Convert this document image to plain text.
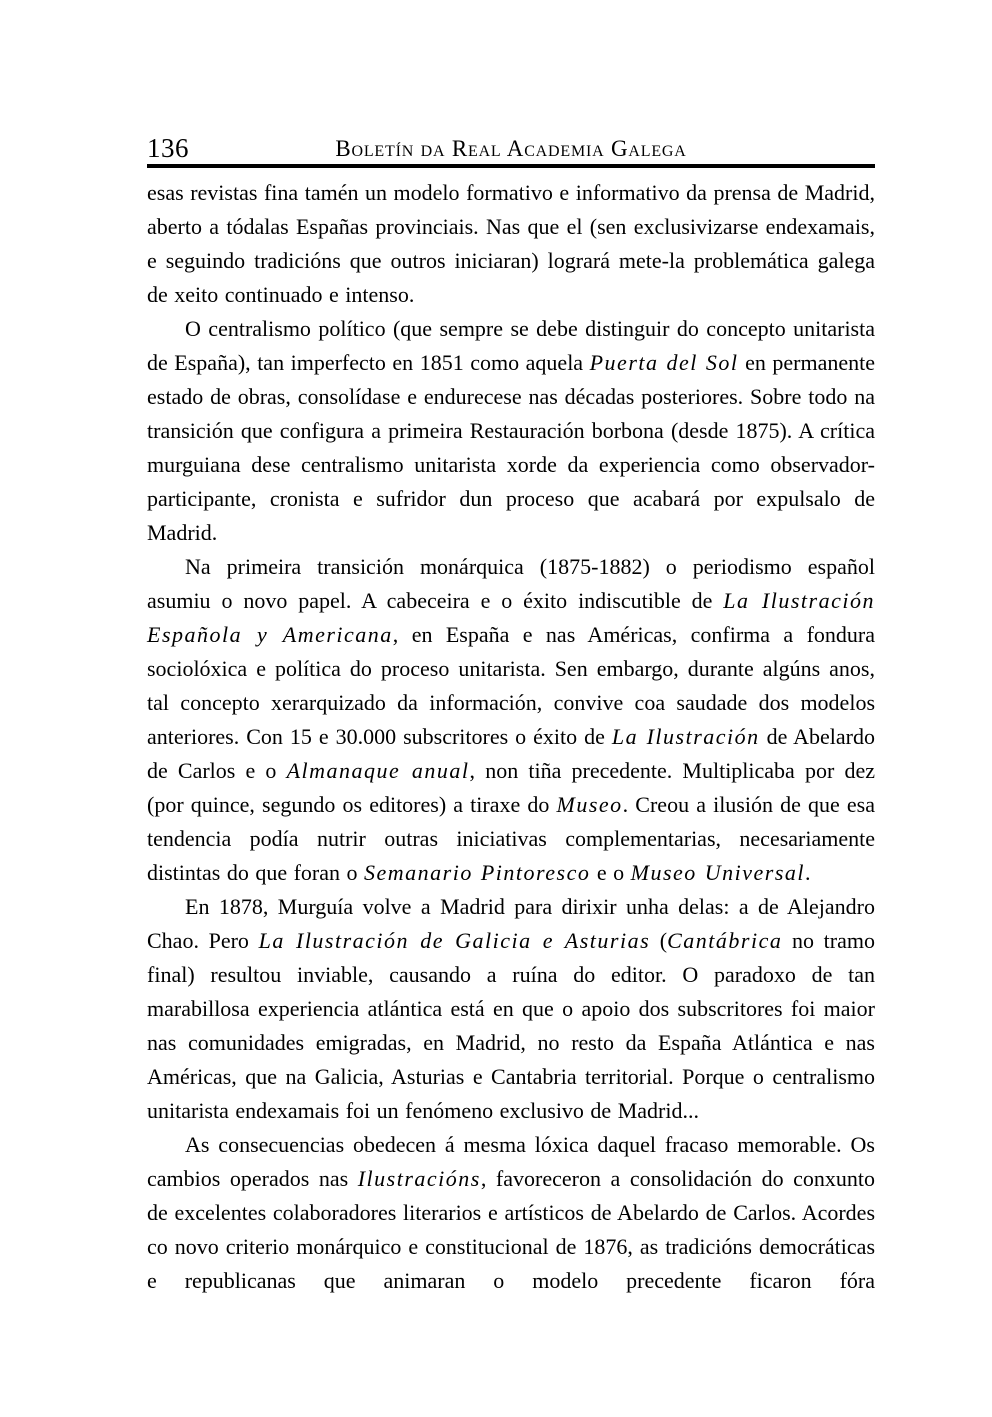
136	Boletín da Real Academia Galega

esas revistas fina tamén un modelo formativo e informativo da prensa de Madrid, aberto a tódalas Españas provinciais. Nas que el (sen exclusivizarse endexamais, e seguindo tradicións que outros iniciaran) logrará mete-la problemática galega de xeito continuado e intenso.

O centralismo político (que sempre se debe distinguir do concepto unitarista de España), tan imperfecto en 1851 como aquela Puerta del Sol en permanente estado de obras, consolídase e endurecese nas décadas posteriores. Sobre todo na transición que configura a primeira Restauración borbona (desde 1875). A crítica murguiana dese centralismo unitarista xorde da experiencia como observador-participante, cronista e sufridor dun proceso que acabará por expulsalo de Madrid.

Na primeira transición monárquica (1875-1882) o periodismo español asumiu o novo papel. A cabeceira e o éxito indiscutible de La Ilustración Española y Americana, en España e nas Américas, confirma a fondura sociolóxica e política do proceso unitarista. Sen embargo, durante algúns anos, tal concepto xerarquizado da información, convive coa saudade dos modelos anteriores. Con 15 e 30.000 subscritores o éxito de La Ilustración de Abelardo de Carlos e o Almanaque anual, non tiña precedente. Multiplicaba por dez (por quince, segundo os editores) a tiraxe do Museo. Creou a ilusión de que esa tendencia podía nutrir outras iniciativas complementarias, necesariamente distintas do que foran o Semanario Pintoresco e o Museo Universal.

En 1878, Murguía volve a Madrid para dirixir unha delas: a de Alejandro Chao. Pero La Ilustración de Galicia e Asturias (Cantábrica no tramo final) resultou inviable, causando a ruína do editor. O paradoxo de tan marabillosa experiencia atlántica está en que o apoio dos subscritores foi maior nas comunidades emigradas, en Madrid, no resto da España Atlántica e nas Américas, que na Galicia, Asturias e Cantabria territorial. Porque o centralismo unitarista endexamais foi un fenómeno exclusivo de Madrid...

As consecuencias obedecen á mesma lóxica daquel fracaso memorable. Os cambios operados nas Ilustracións, favoreceron a consolidación do conxunto de excelentes colaboradores literarios e artísticos de Abelardo de Carlos. Acordes co novo criterio monárquico e constitucional de 1876, as tradicións democráticas e republicanas que animaran o modelo precedente ficaron fóra
